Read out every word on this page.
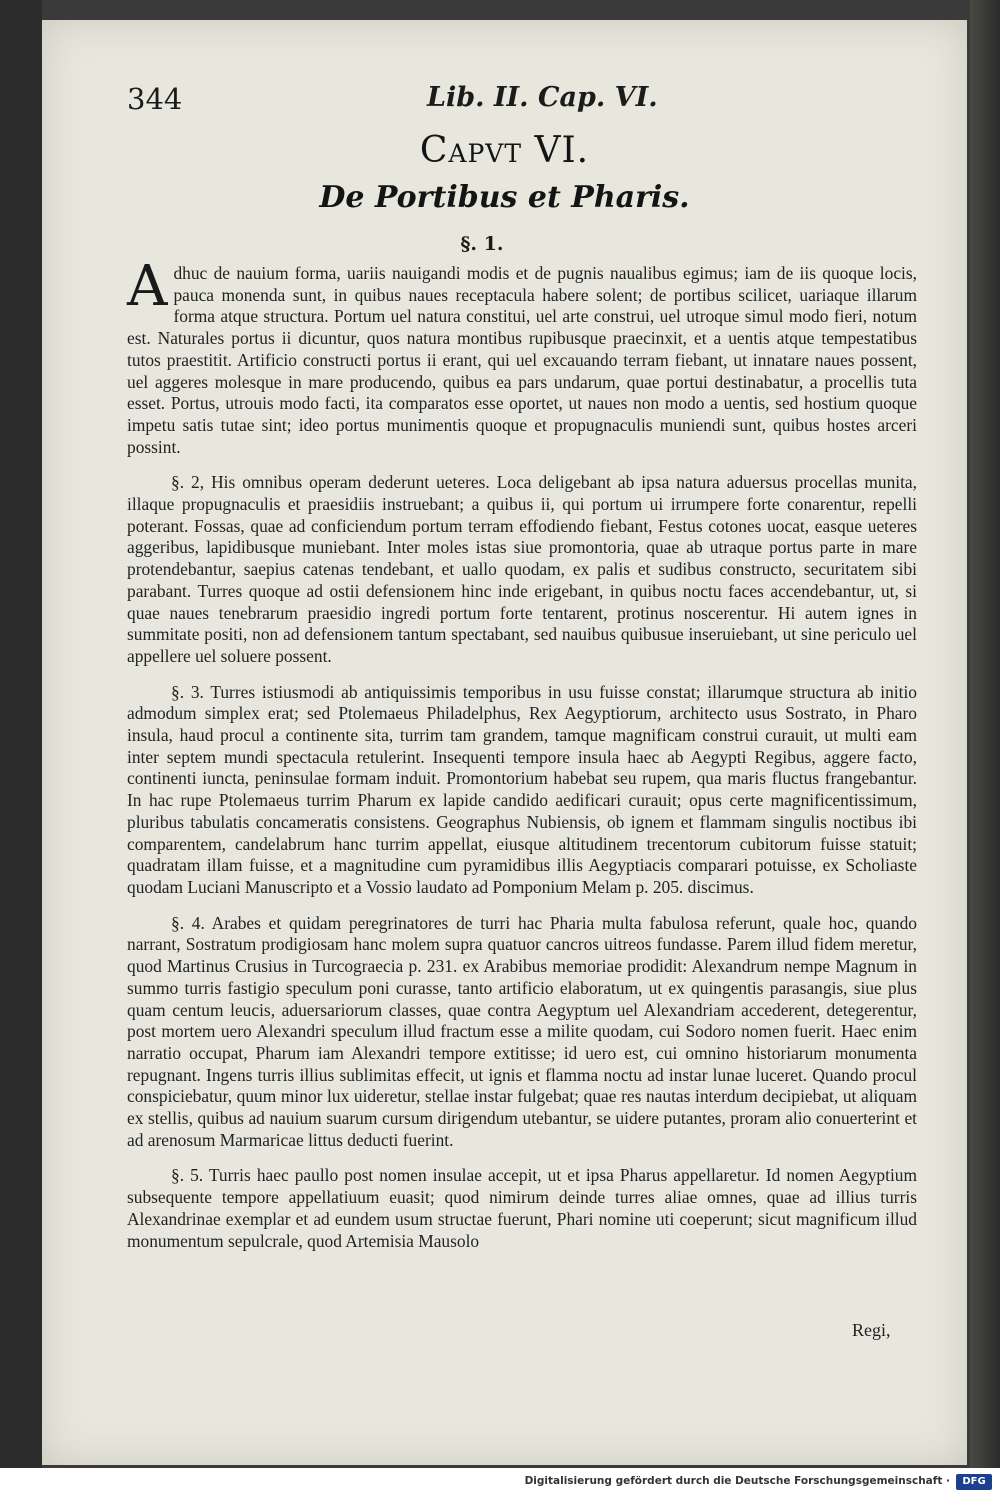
344	Lib. II. Cap. VI.
Capvt VI.
De Portibus et Pharis.
§. 1.

A dhuc de nauium forma, uariis nauigandi modis et de pugnis naualibus egimus; iam de iis quoque locis, pauca monenda sunt, in quibus naues receptacula habere solent; de portibus scilicet, uariaque illarum forma atque structura. Portum uel natura constitui, uel arte construi, uel utroque simul modo fieri, notum est. Naturales portus ii dicuntur, quos natura montibus rupibusque praecinxit, et a uentis atque tempestatibus tutos praestitit. Artificio constructi portus ii erant, qui uel excauando terram fiebant, ut innatare naues possent, uel aggeres molesque in mare producendo, quibus ea pars undarum, quae portui destinabatur, a procellis tuta esset. Portus, utrouis modo facti, ita comparatos esse oportet, ut naues non modo a uentis, sed hostium quoque impetu satis tutae sint; ideo portus munimentis quoque et propugnaculis muniendi sunt, quibus hostes arceri possint.

§. 2, His omnibus operam dederunt ueteres. Loca deligebant ab ipsa natura aduersus procellas munita, illaque propugnaculis et praesidiis instruebant; a quibus ii, qui portum ui irrumpere forte conarentur, repelli poterant. Fossas, quae ad conficiendum portum terram effodiendo fiebant, Festus cotones uocat, easque ueteres aggeribus, lapidibusque muniebant. Inter moles istas siue promontoria, quae ab utraque portus parte in mare protendebantur, saepius catenas tendebant, et uallo quodam, ex palis et sudibus constructo, securitatem sibi parabant. Turres quoque ad ostii defensionem hinc inde erigebant, in quibus noctu faces accendebantur, ut, si quae naues tenebrarum praesidio ingredi portum forte tentarent, protinus noscerentur. Hi autem ignes in summitate positi, non ad defensionem tantum spectabant, sed nauibus quibusue inseruiebant, ut sine periculo uel appellere uel soluere possent.

§. 3. Turres istiusmodi ab antiquissimis temporibus in usu fuisse constat; illarumque structura ab initio admodum simplex erat; sed Ptolemaeus Philadelphus, Rex Aegyptiorum, architecto usus Sostrato, in Pharo insula, haud procul a continente sita, turrim tam grandem, tamque magnificam construi curauit, ut multi eam inter septem mundi spectacula retulerint. Insequenti tempore insula haec ab Aegypti Regibus, aggere facto, continenti iuncta, peninsulae formam induit. Promontorium habebat seu rupem, qua maris fluctus frangebantur. In hac rupe Ptolemaeus turrim Pharum ex lapide candido aedificari curauit; opus certe magnificentissimum, pluribus tabulatis concameratis consistens. Geographus Nubiensis, ob ignem et flammam singulis noctibus ibi comparentem, candelabrum hanc turrim appellat, eiusque altitudinem trecentorum cubitorum fuisse statuit; quadratam illam fuisse, et a magnitudine cum pyramidibus illis Aegyptiacis comparari potuisse, ex Scholiaste quodam Luciani Manuscripto et a Vossio laudato ad Pomponium Melam p. 205. discimus.

§. 4. Arabes et quidam peregrinatores de turri hac Pharia multa fabulosa referunt, quale hoc, quando narrant, Sostratum prodigiosam hanc molem supra quatuor cancros uitreos fundasse. Parem illud fidem meretur, quod Martinus Crusius in Turcograecia p. 231. ex Arabibus memoriae prodidit: Alexandrum nempe Magnum in summo turris fastigio speculum poni curasse, tanto artificio elaboratum, ut ex quingentis parasangis, siue plus quam centum leucis, aduersariorum classes, quae contra Aegyptum uel Alexandriam accederent, detegerentur, post mortem uero Alexandri speculum illud fractum esse a milite quodam, cui Sodoro nomen fuerit. Haec enim narratio occupat, Pharum iam Alexandri tempore extitisse; id uero est, cui omnino historiarum monumenta repugnant. Ingens turris illius sublimitas effecit, ut ignis et flamma noctu ad instar lunae luceret. Quando procul conspiciebatur, quum minor lux uideretur, stellae instar fulgebat; quae res nautas interdum decipiebat, ut aliquam ex stellis, quibus ad nauium suarum cursum dirigendum utebantur, se uidere putantes, proram alio conuerterint et ad arenosum Marmaricae littus deducti fuerint.

§. 5. Turris haec paullo post nomen insulae accepit, ut et ipsa Pharus appellaretur. Id nomen Aegyptium subsequente tempore appellatiuum euasit; quod nimirum deinde turres aliae omnes, quae ad illius turris Alexandrinae exemplar et ad eundem usum structae fuerunt, Phari nomine uti coeperunt; sicut magnificum illud monumentum sepulcrale, quod Artemisia Mausolo

Regi,
Digitalisierung gefördert durch die Deutsche Forschungsgemeinschaft ·	DFG
